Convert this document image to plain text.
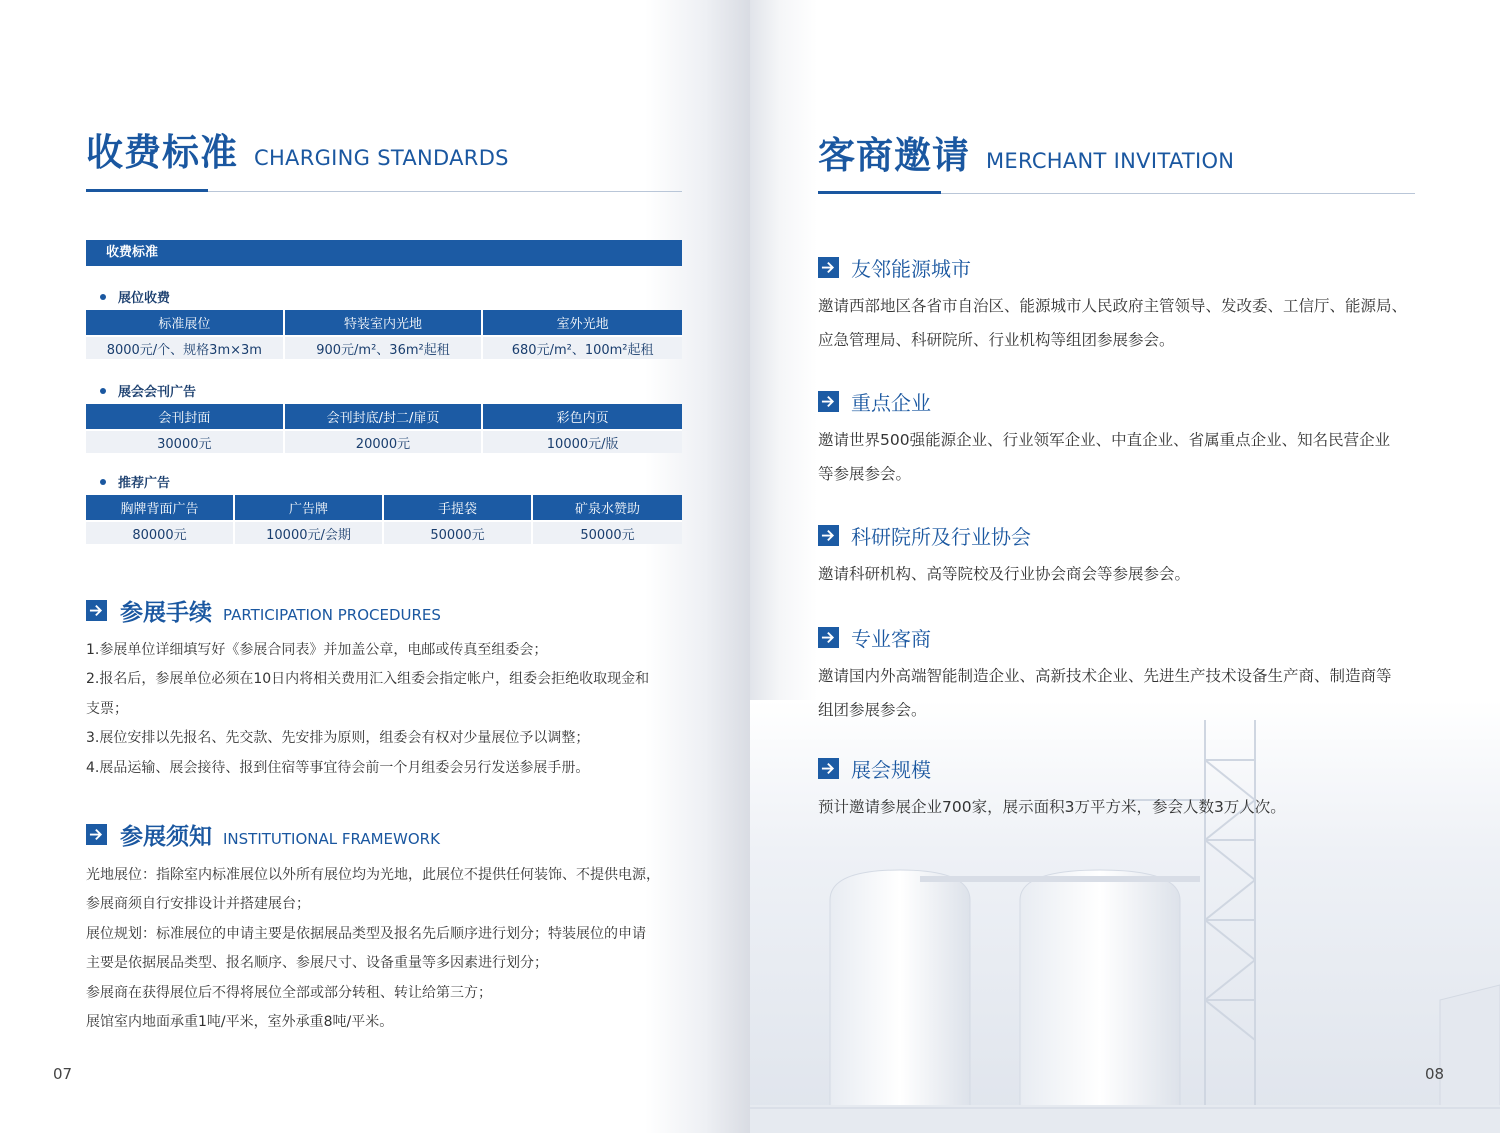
收费标准 CHARGING STANDARDS
收费标准
展位收费
标准展位	特装室内光地	室外光地
8000元/个、规格3m×3m	900元/m²、36m²起租	680元/m²、100m²起租
展会会刊广告
会刊封面	会刊封底/封二/扉页	彩色内页
30000元	20000元	10000元/版
推荐广告
胸牌背面广告	广告牌	手提袋	矿泉水赞助
80000元	10000元/会期	50000元	50000元
参展手续 PARTICIPATION PROCEDURES

1.参展单位详细填写好《参展合同表》并加盖公章，电邮或传真至组委会；

2.报名后，参展单位必须在10日内将相关费用汇入组委会指定帐户，组委会拒绝收取现金和

支票；

3.展位安排以先报名、先交款、先安排为原则，组委会有权对少量展位予以调整；

4.展品运输、展会接待、报到住宿等事宜待会前一个月组委会另行发送参展手册。

参展须知 INSTITUTIONAL FRAMEWORK

光地展位：指除室内标准展位以外所有展位均为光地，此展位不提供任何装饰、不提供电源，

参展商须自行安排设计并搭建展台；

展位规划：标准展位的申请主要是依据展品类型及报名先后顺序进行划分；特装展位的申请

主要是依据展品类型、报名顺序、参展尺寸、设备重量等多因素进行划分；

参展商在获得展位后不得将展位全部或部分转租、转让给第三方；

展馆室内地面承重1吨/平米，室外承重8吨/平米。

07
客商邀请 MERCHANT INVITATION
友邻能源城市

邀请西部地区各省市自治区、能源城市人民政府主管领导、发改委、工信厅、能源局、

应急管理局、科研院所、行业机构等组团参展参会。

重点企业

邀请世界500强能源企业、行业领军企业、中直企业、省属重点企业、知名民营企业

等参展参会。

科研院所及行业协会

邀请科研机构、高等院校及行业协会商会等参展参会。

专业客商

邀请国内外高端智能制造企业、高新技术企业、先进生产技术设备生产商、制造商等

组团参展参会。

展会规模

预计邀请参展企业700家，展示面积3万平方米，参会人数3万人次。

08
